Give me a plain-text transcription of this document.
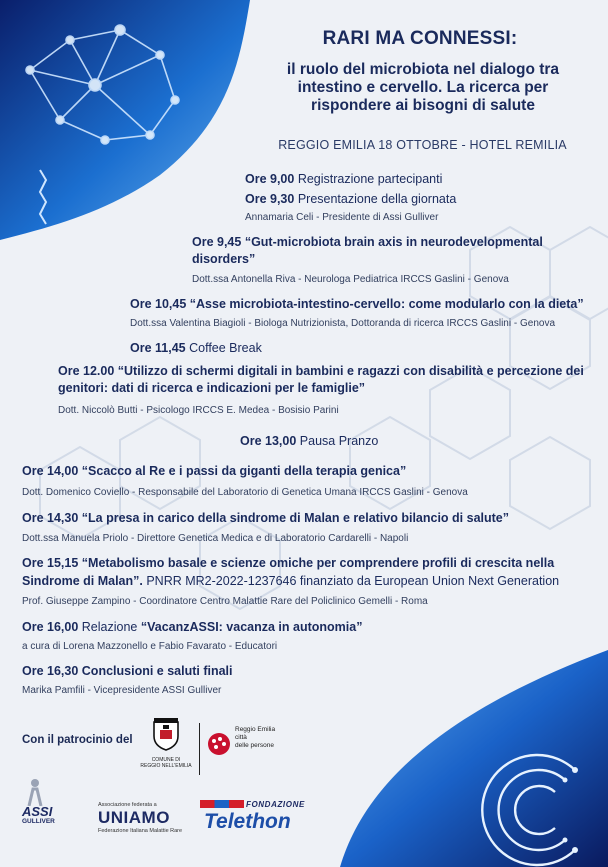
RARI MA CONNESSI:
il ruolo del microbiota nel dialogo tra
intestino e cervello. La ricerca per
rispondere ai bisogni di salute
REGGIO EMILIA 18 OTTOBRE - HOTEL REMILIA
Ore 9,00 Registrazione partecipanti
Ore 9,30 Presentazione della giornata
Annamaria Celi - Presidente di Assi Gulliver
Ore 9,45 “Gut-microbiota brain axis in neurodevelopmental
disorders”
Dott.ssa Antonella Riva - Neurologa Pediatrica IRCCS Gaslini - Genova
Ore 10,45 “Asse microbiota-intestino-cervello: come modularlo con la dieta”
Dott.ssa Valentina Biagioli - Biologa Nutrizionista, Dottoranda di ricerca IRCCS Gaslini - Genova
Ore 11,45 Coffee Break
Ore 12.00 “Utilizzo di schermi digitali in bambini e ragazzi con disabilità e percezione dei
genitori: dati di ricerca e indicazioni per le famiglie”
Dott. Niccolò Butti - Psicologo IRCCS E. Medea - Bosisio Parini
Ore 13,00 Pausa Pranzo
Ore 14,00 “Scacco al Re e i passi da giganti della terapia genica”
Dott. Domenico Coviello - Responsabile del Laboratorio di Genetica Umana IRCCS Gaslini - Genova
Ore 14,30 “La presa in carico della sindrome di Malan e relativo bilancio di salute”
Dott.ssa Manuela Priolo - Direttore Genetica Medica e di Laboratorio Cardarelli - Napoli
Ore 15,15 “Metabolismo basale e scienze omiche per comprendere profili di crescita nella
Sindrome di Malan”. PNRR MR2-2022-1237646 finanziato da European Union Next Generation
Prof. Giuseppe Zampino - Coordinatore Centro Malattie Rare del Policlinico Gemelli - Roma
Ore 16,00 Relazione “VacanzASSI: vacanza in autonomia”
a cura di Lorena Mazzonello e Fabio Favarato - Educatori
Ore 16,30 Conclusioni e saluti finali
Marika Pamfili - Vicepresidente ASSI Gulliver
Con il patrocinio del
COMUNE DI
REGGIO NELL'EMILIA
Reggio Emilia
città
delle persone
ASSI
GULLIVER
Associazione federata a
UNIAMO
Federazione Italiana Malattie Rare
FONDAZIONE
Telethon
